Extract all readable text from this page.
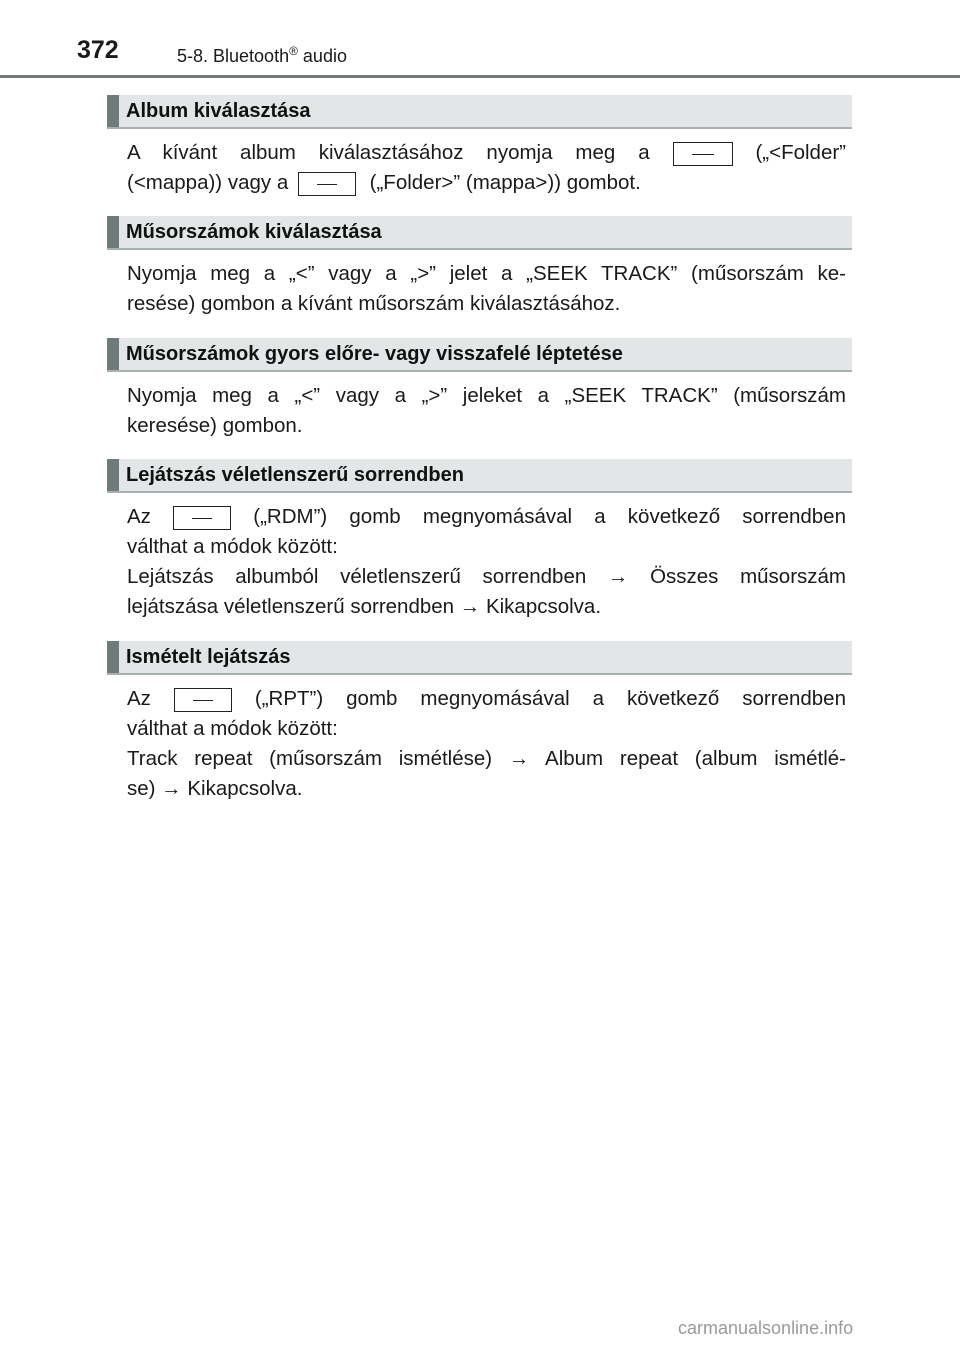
372	5-8. Bluetooth® audio
Album kiválasztása
A kívánt album kiválasztásához nyomja meg a	(„<Folder”
(<mappa)) vagy a	(„Folder>” (mappa>)) gombot.
Műsorszámok kiválasztása
Nyomja meg a „<” vagy a „>” jelet a „SEEK TRACK” (műsorszám ke-
resése) gombon a kívánt műsorszám kiválasztásához.
Műsorszámok gyors előre- vagy visszafelé léptetése
Nyomja meg a „<” vagy a „>” jeleket a „SEEK TRACK” (műsorszám
keresése) gombon.
Lejátszás véletlenszerű sorrendben
Az	(„RDM”) gomb megnyomásával a következő sorrendben
válthat a módok között:
Lejátszás albumból véletlenszerű sorrendben → Összes műsorszám
lejátszása véletlenszerű sorrendben → Kikapcsolva.
Ismételt lejátszás
Az	(„RPT”) gomb megnyomásával a következő sorrendben
válthat a módok között:
Track repeat (műsorszám ismétlése) → Album repeat (album ismétlé-
se) → Kikapcsolva.
carmanualsonline.info
